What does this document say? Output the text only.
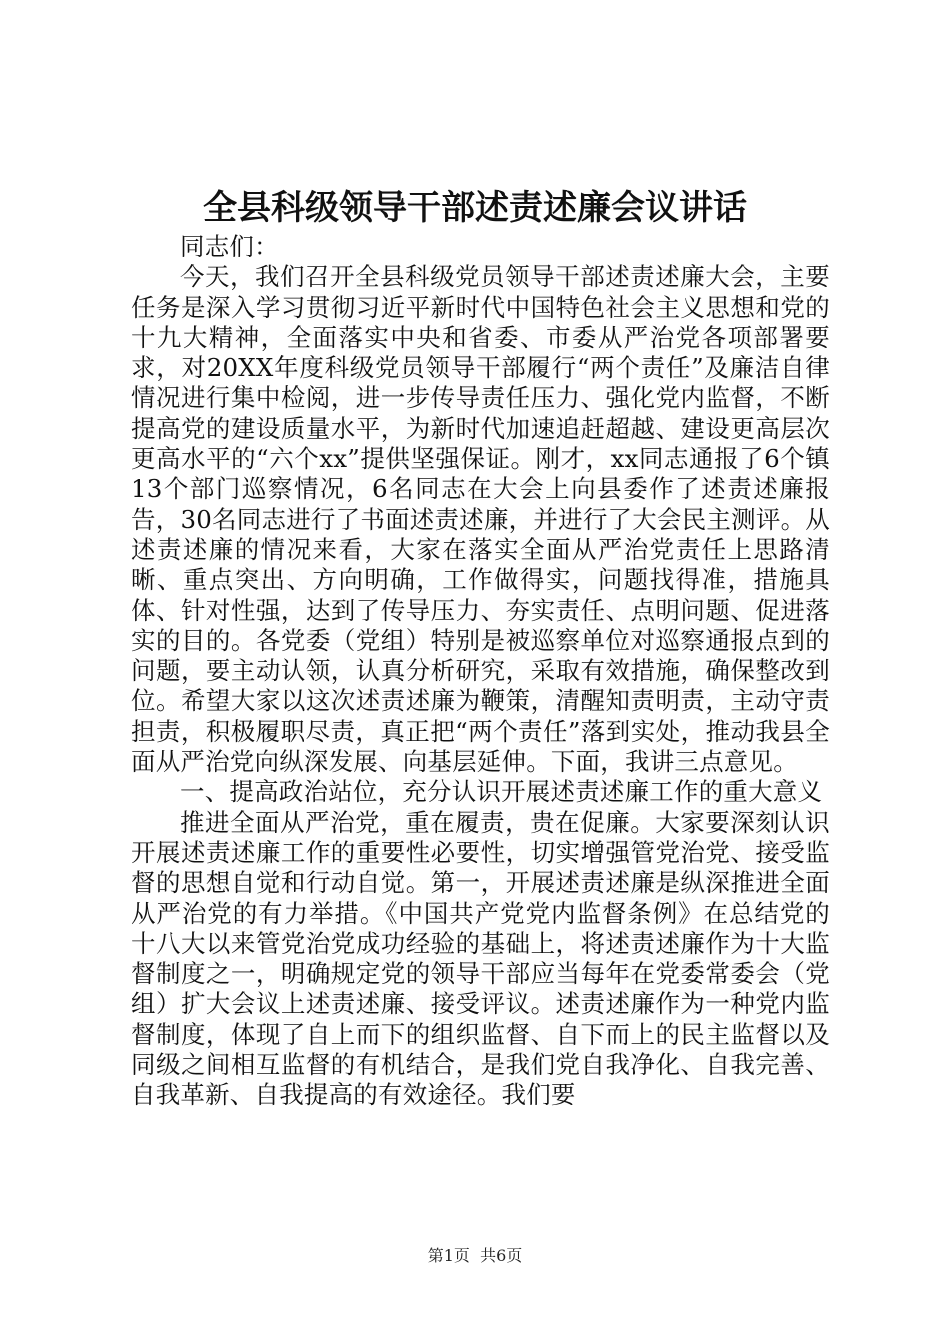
全县科级领导干部述责述廉会议讲话

同志们：

今天，我们召开全县科级党员领导干部述责述廉大会，主要任务是深入学习贯彻习近平新时代中国特色社会主义思想和党的十九大精神，全面落实中央和省委、市委从严治党各项部署要求，对20XX年度科级党员领导干部履行“两个责任”及廉洁自律情况进行集中检阅，进一步传导责任压力、强化党内监督，不断提高党的建设质量水平，为新时代加速追赶超越、建设更高层次更高水平的“六个xx”提供坚强保证。刚才，xx同志通报了6个镇13个部门巡察情况，6名同志在大会上向县委作了述责述廉报告，30名同志进行了书面述责述廉，并进行了大会民主测评。从述责述廉的情况来看，大家在落实全面从严治党责任上思路清晰、重点突出、方向明确，工作做得实，问题找得准，措施具体、针对性强，达到了传导压力、夯实责任、点明问题、促进落实的目的。各党委（党组）特别是被巡察单位对巡察通报点到的问题，要主动认领，认真分析研究，采取有效措施，确保整改到位。希望大家以这次述责述廉为鞭策，清醒知责明责，主动守责担责，积极履职尽责，真正把“两个责任”落到实处，推动我县全面从严治党向纵深发展、向基层延伸。下面，我讲三点意见。

一、提高政治站位，充分认识开展述责述廉工作的重大意义

推进全面从严治党，重在履责，贵在促廉。大家要深刻认识开展述责述廉工作的重要性必要性，切实增强管党治党、接受监督的思想自觉和行动自觉。第一，开展述责述廉是纵深推进全面从严治党的有力举措。《中国共产党党内监督条例》在总结党的十八大以来管党治党成功经验的基础上，将述责述廉作为十大监督制度之一，明确规定党的领导干部应当每年在党委常委会（党组）扩大会议上述责述廉、接受评议。述责述廉作为一种党内监督制度，体现了自上而下的组织监督、自下而上的民主监督以及同级之间相互监督的有机结合，是我们党自我净化、自我完善、自我革新、自我提高的有效途径。我们要

第1页 共6页
